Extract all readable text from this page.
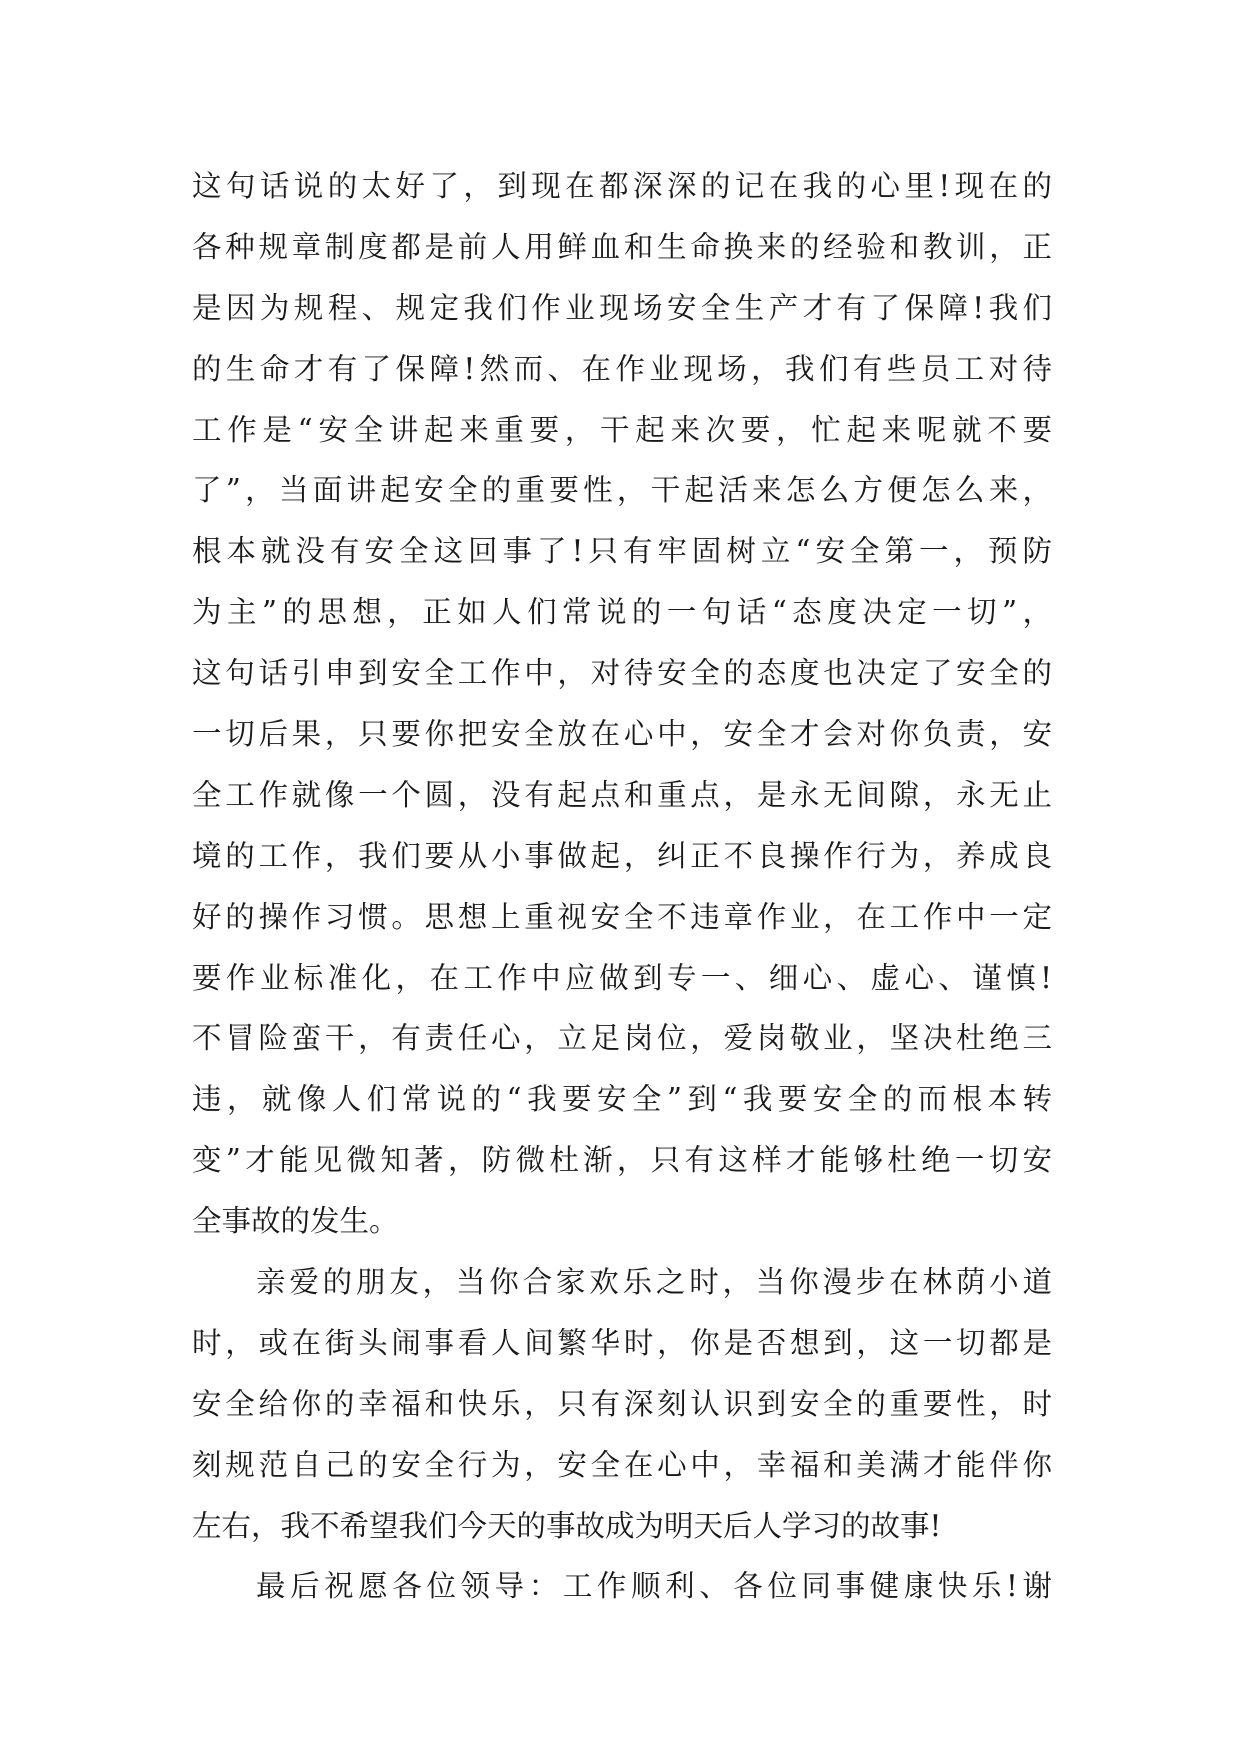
这句话说的太好了，到现在都深深的记在我的心里!现在的
各种规章制度都是前人用鲜血和生命换来的经验和教训，正
是因为规程、规定我们作业现场安全生产才有了保障!我们
的生命才有了保障!然而、在作业现场，我们有些员工对待
工作是“安全讲起来重要，干起来次要，忙起来呢就不要
了”，当面讲起安全的重要性，干起活来怎么方便怎么来，
根本就没有安全这回事了!只有牢固树立“安全第一，预防
为主”的思想，正如人们常说的一句话“态度决定一切”，
这句话引申到安全工作中，对待安全的态度也决定了安全的
一切后果，只要你把安全放在心中，安全才会对你负责，安
全工作就像一个圆，没有起点和重点，是永无间隙，永无止
境的工作，我们要从小事做起，纠正不良操作行为，养成良
好的操作习惯。思想上重视安全不违章作业，在工作中一定
要作业标准化，在工作中应做到专一、细心、虚心、谨慎!
不冒险蛮干，有责任心，立足岗位，爱岗敬业，坚决杜绝三
违，就像人们常说的“我要安全”到“我要安全的而根本转
变”才能见微知著，防微杜渐，只有这样才能够杜绝一切安
全事故的发生。
亲爱的朋友，当你合家欢乐之时，当你漫步在林荫小道
时，或在街头闹事看人间繁华时，你是否想到，这一切都是
安全给你的幸福和快乐，只有深刻认识到安全的重要性，时
刻规范自己的安全行为，安全在心中，幸福和美满才能伴你
左右，我不希望我们今天的事故成为明天后人学习的故事!
最后祝愿各位领导：工作顺利、各位同事健康快乐!谢
